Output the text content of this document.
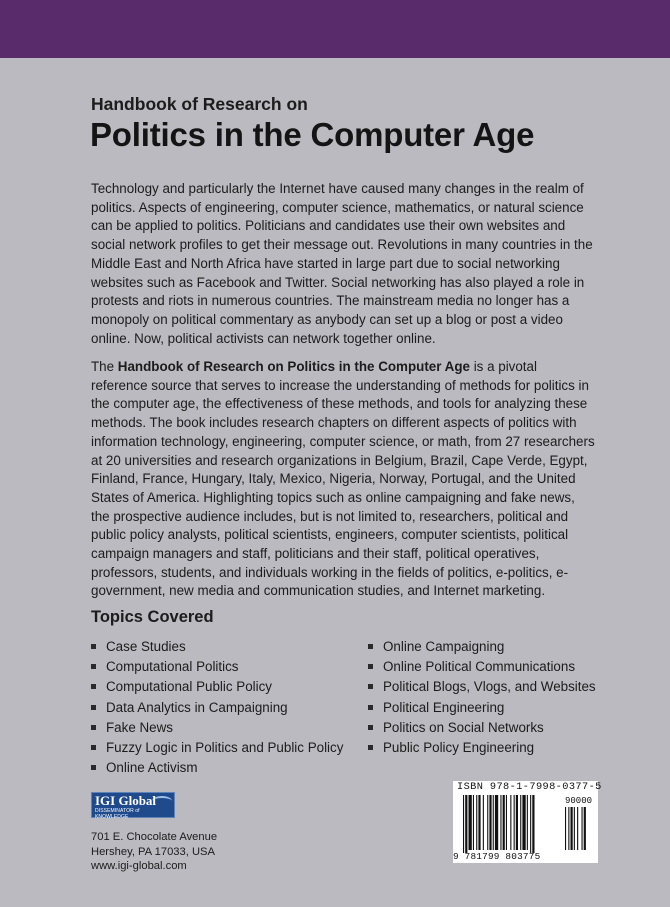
Handbook of Research on

Politics in the Computer Age

Technology and particularly the Internet have caused many changes in the realm of politics. Aspects of engineering, computer science, mathematics, or natural science can be applied to politics. Politicians and candidates use their own websites and social network profiles to get their message out. Revolutions in many countries in the Middle East and North Africa have started in large part due to social networking websites such as Facebook and Twitter. Social networking has also played a role in protests and riots in numerous countries. The mainstream media no longer has a monopoly on political commentary as anybody can set up a blog or post a video online. Now, political activists can network together online.

The Handbook of Research on Politics in the Computer Age is a pivotal reference source that serves to increase the understanding of methods for politics in the computer age, the effectiveness of these methods, and tools for analyzing these methods. The book includes research chapters on different aspects of politics with information technology, engineering, computer science, or math, from 27 researchers at 20 universities and research organizations in Belgium, Brazil, Cape Verde, Egypt, Finland, France, Hungary, Italy, Mexico, Nigeria, Norway, Portugal, and the United States of America. Highlighting topics such as online campaigning and fake news, the prospective audience includes, but is not limited to, researchers, political and public policy analysts, political scientists, engineers, computer scientists, political campaign managers and staff, politicians and their staff, political operatives, professors, students, and individuals working in the fields of politics, e-politics, e-government, new media and communication studies, and Internet marketing.

Topics Covered
Case Studies
Computational Politics
Computational Public Policy
Data Analytics in Campaigning
Fake News
Fuzzy Logic in Politics and Public Policy
Online Activism
Online Campaigning
Online Political Communications
Political Blogs, Vlogs, and Websites
Political Engineering
Politics on Social Networks
Public Policy Engineering
IGI Global
DISSEMINATOR of KNOWLEDGE
701 E. Chocolate Avenue
Hershey, PA 17033, USA
www.igi-global.com
ISBN 978-1-7998-0377-5
90000
9 781799 803775
